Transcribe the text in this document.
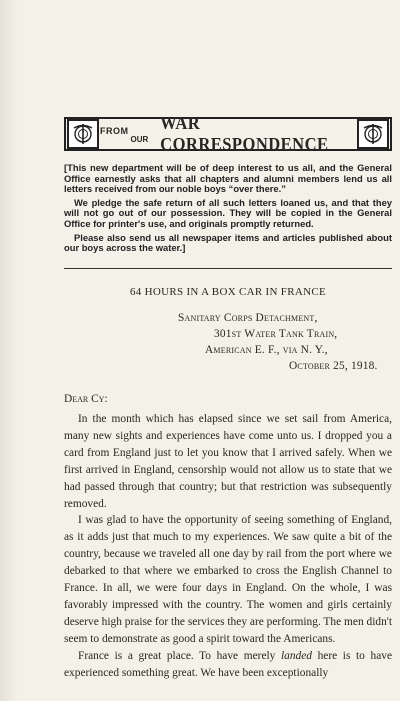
FROM
OUR
WAR CORRESPONDENCE

[This new department will be of deep interest to us all, and the General Office earnestly asks that all chapters and alumni members lend us all letters received from our noble boys “over there.”

We pledge the safe return of all such letters loaned us, and that they will not go out of our possession. They will be copied in the General Office for printer's use, and originals promptly returned.

Please also send us all newspaper items and articles published about our boys across the water.]

64 HOURS IN A BOX CAR IN FRANCE
Sanitary Corps Detachment,
301st Water Tank Train,
American E. F., via N. Y.,
October 25, 1918.
Dear Cy:

In the month which has elapsed since we set sail from America, many new sights and experiences have come unto us. I dropped you a card from England just to let you know that I arrived safely. When we first arrived in England, censorship would not allow us to state that we had passed through that country; but that restriction was subsequently removed.

I was glad to have the opportunity of seeing something of England, as it adds just that much to my experiences. We saw quite a bit of the country, because we traveled all one day by rail from the port where we debarked to that where we embarked to cross the English Channel to France. In all, we were four days in England. On the whole, I was favorably impressed with the country. The women and girls certainly deserve high praise for the services they are performing. The men didn't seem to demonstrate as good a spirit toward the Americans.

France is a great place. To have merely landed here is to have experienced something great. We have been exceptionally
